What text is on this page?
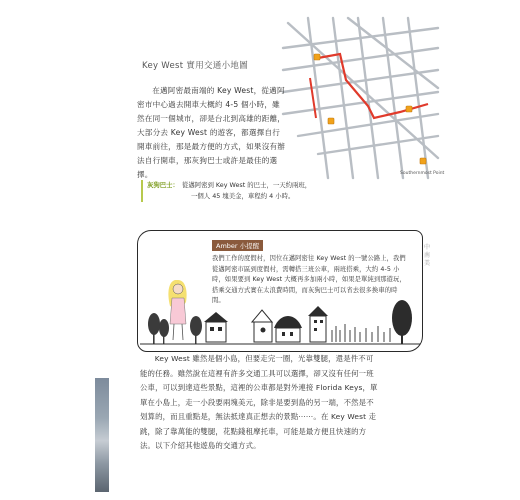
Key West 實用交通小地圖
Southernmost Point

在邁阿密最南端的 Key West，從邁阿密市中心過去開車大概約 4-5 個小時，雖然在同一個城市，卻是台北到高雄的距離，大部分去 Key West 的遊客，都選擇自行開車前往，那是最方便的方式，如果沒有辦法自行開車，那灰狗巴士或許是最佳的選擇。

灰狗巴士： 從邁阿密到 Key West 的巴士，一天約兩班，
一個人 45 塊美金，車程約 4 小時。
中 南 美
Amber 小提醒

我們工作的度假村，因位在邁阿密往 Key West 的一號公路上，我們從邁阿密市區到度假村，需轉搭三班公車，兩班搭乘，大約 4-5 小時，如果要到 Key West 大概再多加兩小時，如果是單純到那遊玩，搭乘交通方式實在太浪費時間，而灰狗巴士可以省去很多換車的時間。

Key West 雖然是個小島，但要走完一圈，光靠雙腿，還是件不可能的任務。雖然說在這裡有許多交通工具可以選擇，卻又沒有任何一班公車，可以到達這些景點，這裡的公車都是對外連接 Florida Keys，單單在小島上，走一小段要兩塊美元，除非是要到島的另一端，不然是不划算的，而且重點是，無法抵達真正想去的景點⋯⋯。在 Key West 走跳，除了靠萬能的雙腿，花點錢租摩托車，可能是最方便且快速的方法。以下介紹其他遊島的交通方式。
